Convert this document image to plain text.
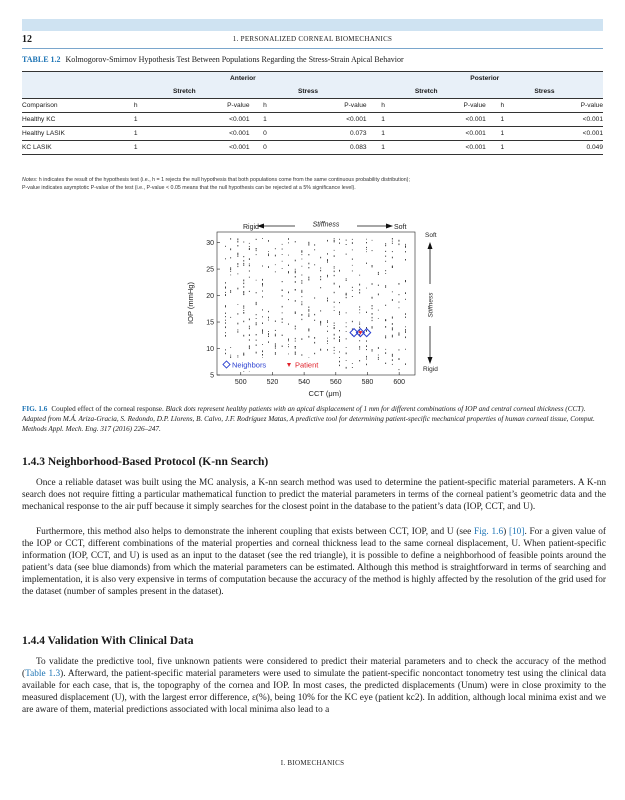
12	1. PERSONALIZED CORNEAL BIOMECHANICS
TABLE 1.2 Kolmogorov-Smirnov Hypothesis Test Between Populations Regarding the Stress-Strain Apical Behavior
	Anterior				Posterior			
	Stretch		Stress		Stretch		Stress	
Comparison	h	P-value	h	P-value	h	P-value	h	P-value
Healthy KC	1	<0.001	1	<0.001	1	<0.001	1	<0.001
Healthy LASIK	1	<0.001	0	0.073	1	<0.001	1	<0.001
KC LASIK	1	<0.001	0	0.083	1	<0.001	1	0.049
Notes: h indicates the result of the hypothesis test (i.e., h = 1 rejects the null hypothesis that both populations come from the same continuous probability distribution);
P-value indicates asymptotic P-value of the test (i.e., P-value < 0.05 means that the null hypothesis can be rejected at a 5% significance level).
500	520	540	560	580	600
5
10
15
20
25
30
Rigid	Stiffness	Soft
Soft
Stiffness
Rigid
Neighbors	Patient
IOP (mmHg)
CCT (μm)
FIG. 1.6 Coupled effect of the corneal response. Black dots represent healthy patients with an apical displacement of 1 mm for different combinations of IOP and central corneal thickness (CCT). Adapted from M.Á. Ariza-Gracia, S. Redondo, D.P. Llorens, B. Calvo, J.F. Rodríguez Matas, A predictive tool for determining patient-specific mechanical properties of human corneal tissue, Comput. Methods Appl. Mech. Eng. 317 (2016) 226–247.
1.4.3 Neighborhood-Based Protocol (K-nn Search)
Once a reliable dataset was built using the MC analysis, a K-nn search method was used to determine the patient-specific material parameters. A K-nn search does not require fitting a particular mathematical function to predict the material parameters in terms of the corneal patient’s geometric data and the mechanical response to the air puff because it simply searches for the closest point in the database to the patient’s data (IOP, CCT, and U).
Furthermore, this method also helps to demonstrate the inherent coupling that exists between CCT, IOP, and U (see Fig. 1.6) [10]. For a given value of the IOP or CCT, different combinations of the material properties and corneal thickness lead to the same corneal displacement, U. When patient-specific information (IOP, CCT, and U) is used as an input to the dataset (see the red triangle), it is possible to define a neighborhood of feasible points around the patient’s data (see blue diamonds) from which the material parameters can be estimated. Although this method is straightforward in terms of searching and implementation, it is also very expensive in terms of computation because the accuracy of the method is highly affected by the resolution of the grid used for the dataset (number of samples present in the dataset).
1.4.4 Validation With Clinical Data
To validate the predictive tool, five unknown patients were considered to predict their material parameters and to check the accuracy of the method (Table 1.3). Afterward, the patient-specific material parameters were used to simulate the patient-specific noncontact tonometry test using the clinical data available for each case, that is, the topography of the cornea and IOP. In most cases, the predicted displacements (Unum) were in close proximity to the measured displacement (U), with the largest error difference, ε(%), being 10% for the KC eye (patient kc2). In addition, although local minima exist and we are aware of them, material predictions associated with local minima also lead to a
I. BIOMECHANICS
